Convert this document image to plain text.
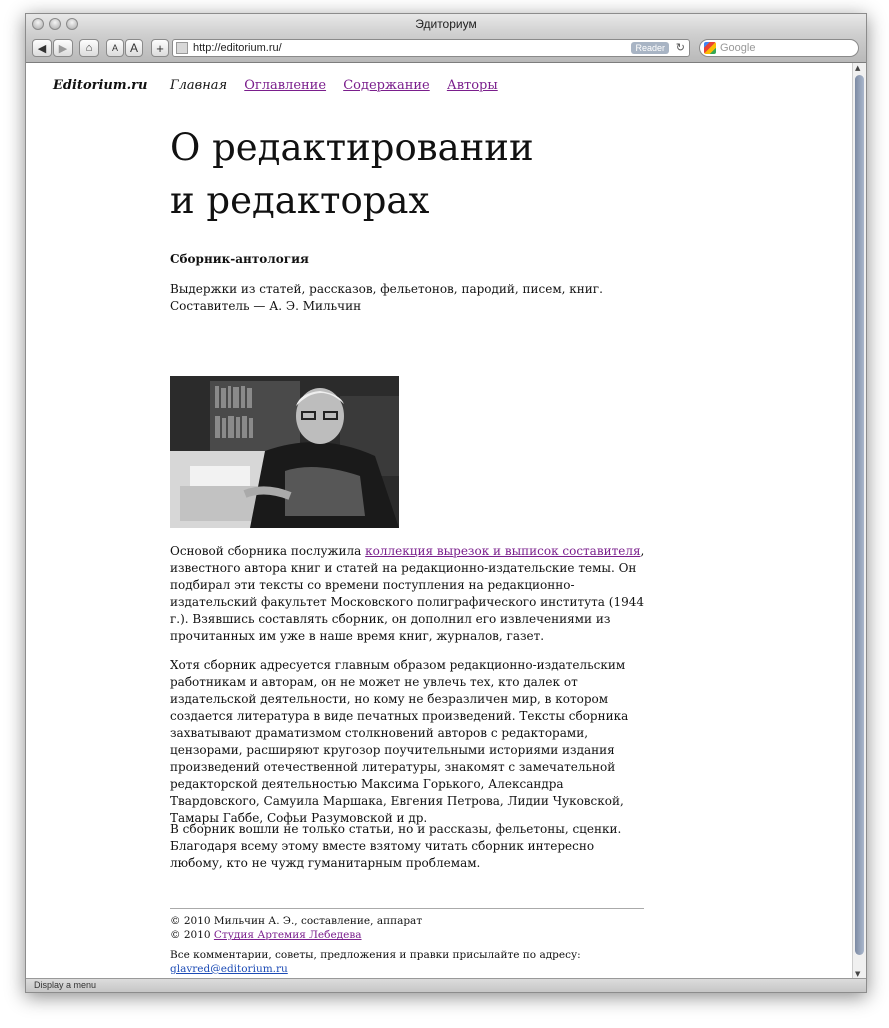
Эдиториум
◀	▶	⌂	A A	+	http://editorium.ru/	Reader ↻	Google
Editorium.ru Главная Оглавление Содержание Авторы
О редактировании
и редакторах
Сборник-антология

Выдержки из статей, рассказов, фельетонов, пародий, писем, книг.
Составитель — А. Э. Мильчин

Основой сборника послужила коллекция вырезок и выписок составителя, известного автора книг и статей на редакционно-издательские темы. Он подбирал эти тексты со времени поступления на редакционно-издательский факультет Московского полиграфического института (1944 г.). Взявшись составлять сборник, он дополнил его извлечениями из прочитанных им уже в наше время книг, журналов, газет.

Хотя сборник адресуется главным образом редакционно-издательским работникам и авторам, он не может не увлечь тех, кто далек от издательской деятельности, но кому не безразличен мир, в котором создается литература в виде печатных произведений. Тексты сборника захватывают драматизмом столкновений авторов с редакторами, цензорами, расширяют кругозор поучительными историями издания произведений отечественной литературы, знакомят с замечательной редакторской деятельностью Максима Горького, Александра Твардовского, Самуила Маршака, Евгения Петрова, Лидии Чуковской, Тамары Габбе, Софьи Разумовской и др.

В сборник вошли не только статьи, но и рассказы, фельетоны, сценки. Благодаря всему этому вместе взятому читать сборник интересно любому, кто не чужд гуманитарным проблемам.

© 2010 Мильчин А. Э., составление, аппарат
© 2010 Студия Артемия Лебедева

Все комментарии, советы, предложения и правки присылайте по адресу:
glavred@editorium.ru

▲
▼
Display a menu
